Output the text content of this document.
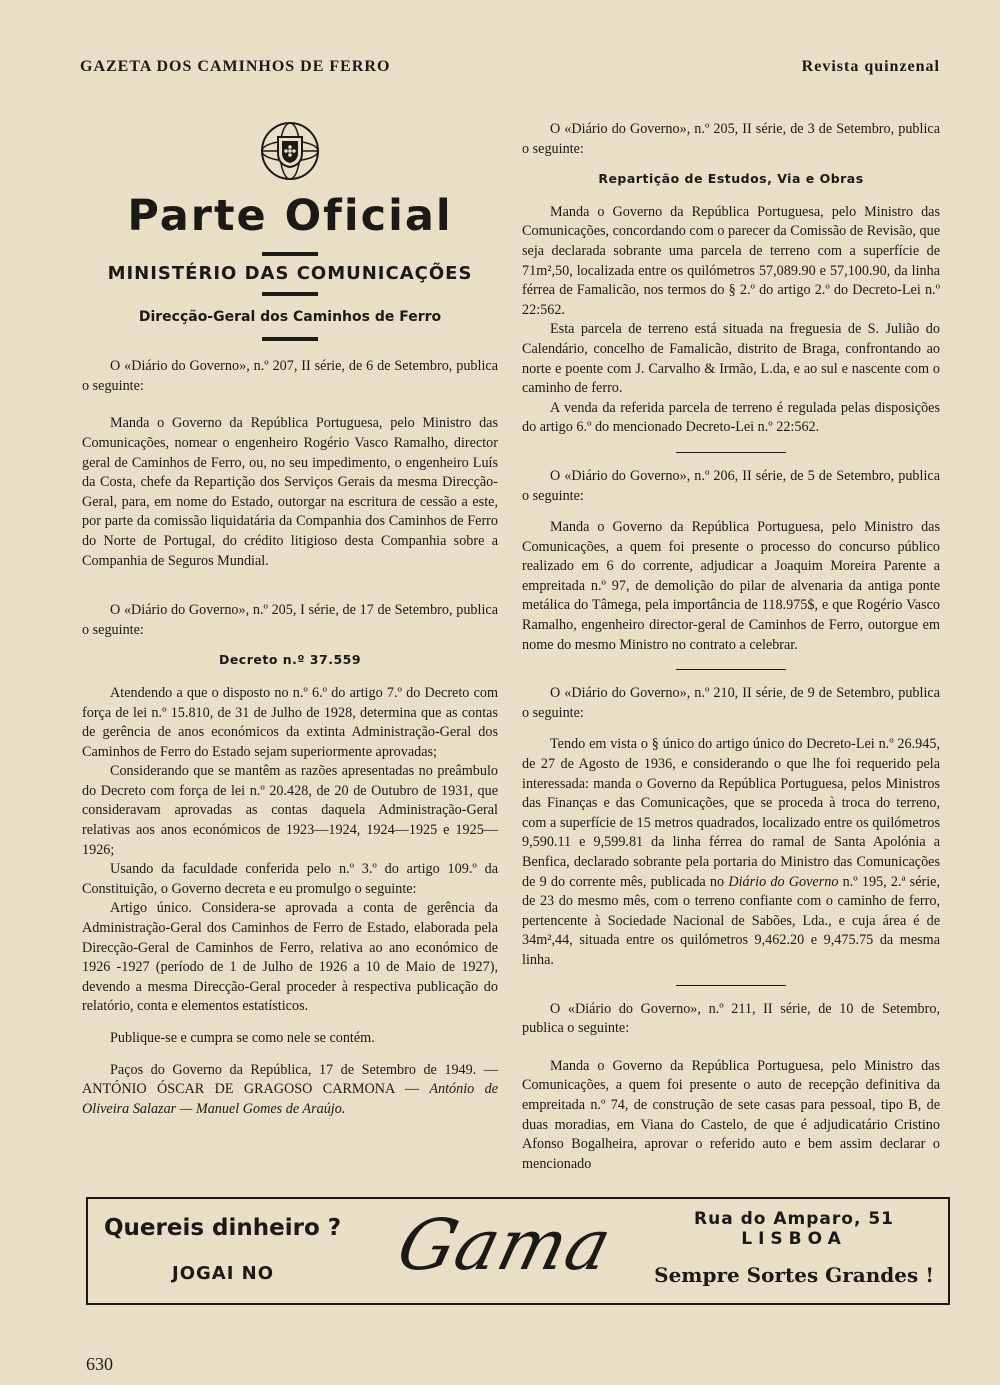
GAZETA DOS CAMINHOS DE FERRO	Revista quinzenal
Parte Oficial
MINISTÉRIO DAS COMUNICAÇÕES
Direcção-Geral dos Caminhos de Ferro

O «Diário do Governo», n.º 207, II série, de 6 de Setembro, publica o seguinte:

Manda o Governo da República Portuguesa, pelo Ministro das Comunicações, nomear o engenheiro Rogério Vasco Ramalho, director geral de Caminhos de Ferro, ou, no seu impedimento, o engenheiro Luís da Costa, chefe da Repartição dos Serviços Gerais da mesma Direcção-Geral, para, em nome do Estado, outorgar na escritura de cessão a este, por parte da comissão liquidatária da Companhia dos Caminhos de Ferro do Norte de Portugal, do crédito litigioso desta Companhia sobre a Companhia de Seguros Mundial.

O «Diário do Governo», n.º 205, I série, de 17 de Setembro, publica o seguinte:

Decreto n.º 37.559

Atendendo a que o disposto no n.º 6.º do artigo 7.º do Decreto com força de lei n.º 15.810, de 31 de Julho de 1928, determina que as contas de gerência de anos económicos da extinta Administração-Geral dos Caminhos de Ferro do Estado sejam superiormente aprovadas;

Considerando que se mantêm as razões apresentadas no preâmbulo do Decreto com força de lei n.º 20.428, de 20 de Outubro de 1931, que consideravam aprovadas as contas daquela Administração-Geral relativas aos anos económicos de 1923—1924, 1924—1925 e 1925—1926;

Usando da faculdade conferida pelo n.º 3.º do artigo 109.º da Constituição, o Governo decreta e eu promulgo o seguinte:

Artigo único. Considera-se aprovada a conta de gerência da Administração-Geral dos Caminhos de Ferro de Estado, elaborada pela Direcção-Geral de Caminhos de Ferro, relativa ao ano económico de 1926 -1927 (período de 1 de Julho de 1926 a 10 de Maio de 1927), devendo a mesma Direcção-Geral proceder à respectiva publicação do relatório, conta e elementos estatísticos.

Publique-se e cumpra se como nele se contém.

Paços do Governo da República, 17 de Setembro de 1949. — ANTÓNIO ÓSCAR DE GRAGOSO CARMONA — António de Oliveira Salazar — Manuel Gomes de Araújo.

O «Diário do Governo», n.º 205, II série, de 3 de Setembro, publica o seguinte:

Repartição de Estudos, Via e Obras

Manda o Governo da República Portuguesa, pelo Ministro das Comunicações, concordando com o parecer da Comissão de Revisão, que seja declarada sobrante uma parcela de terreno com a superfície de 71m²,50, localizada entre os quilómetros 57,089.90 e 57,100.90, da linha férrea de Famalicão, nos termos do § 2.º do artigo 2.º do Decreto-Lei n.º 22:562.

Esta parcela de terreno está situada na freguesia de S. Julião do Calendário, concelho de Famalicão, distrito de Braga, confrontando ao norte e poente com J. Carvalho & Irmão, L.da, e ao sul e nascente com o caminho de ferro.

A venda da referida parcela de terreno é regulada pelas disposições do artigo 6.º do mencionado Decreto-Lei n.º 22:562.

O «Diário do Governo», n.º 206, II série, de 5 de Setembro, publica o seguinte:

Manda o Governo da República Portuguesa, pelo Ministro das Comunicações, a quem foi presente o processo do concurso público realizado em 6 do corrente, adjudicar a Joaquim Moreira Parente a empreitada n.º 97, de demolição do pilar de alvenaria da antiga ponte metálica do Tâmega, pela importância de 118.975$, e que Rogério Vasco Ramalho, engenheiro director-geral de Caminhos de Ferro, outorgue em nome do mesmo Ministro no contrato a celebrar.

O «Diário do Governo», n.º 210, II série, de 9 de Setembro, publica o seguinte:

Tendo em vista o § único do artigo único do Decreto-Lei n.º 26.945, de 27 de Agosto de 1936, e considerando o que lhe foi requerido pela interessada: manda o Governo da República Portuguesa, pelos Ministros das Finanças e das Comunicações, que se proceda à troca do terreno, com a superfície de 15 metros quadrados, localizado entre os quilómetros 9,590.11 e 9,599.81 da linha férrea do ramal de Santa Apolónia a Benfica, declarado sobrante pela portaria do Ministro das Comunicações de 9 do corrente mês, publicada no Diário do Governo n.º 195, 2.ª série, de 23 do mesmo mês, com o terreno confiante com o caminho de ferro, pertencente à Sociedade Nacional de Sabões, Lda., e cuja área é de 34m²,44, situada entre os quilómetros 9,462.20 e 9,475.75 da mesma linha.

O «Diário do Governo», n.º 211, II série, de 10 de Setembro, publica o seguinte:

Manda o Governo da República Portuguesa, pelo Ministro das Comunicações, a quem foi presente o auto de recepção definitiva da empreitada n.º 74, de construção de sete casas para pessoal, tipo B, de duas moradias, em Viana do Castelo, de que é adjudicatário Cristino Afonso Bogalheira, aprovar o referido auto e bem assim declarar o mencionado

Quereis dinheiro ?
JOGAI NO Gama	Rua do Amparo, 51
LISBOA
Sempre Sortes Grandes !
630
